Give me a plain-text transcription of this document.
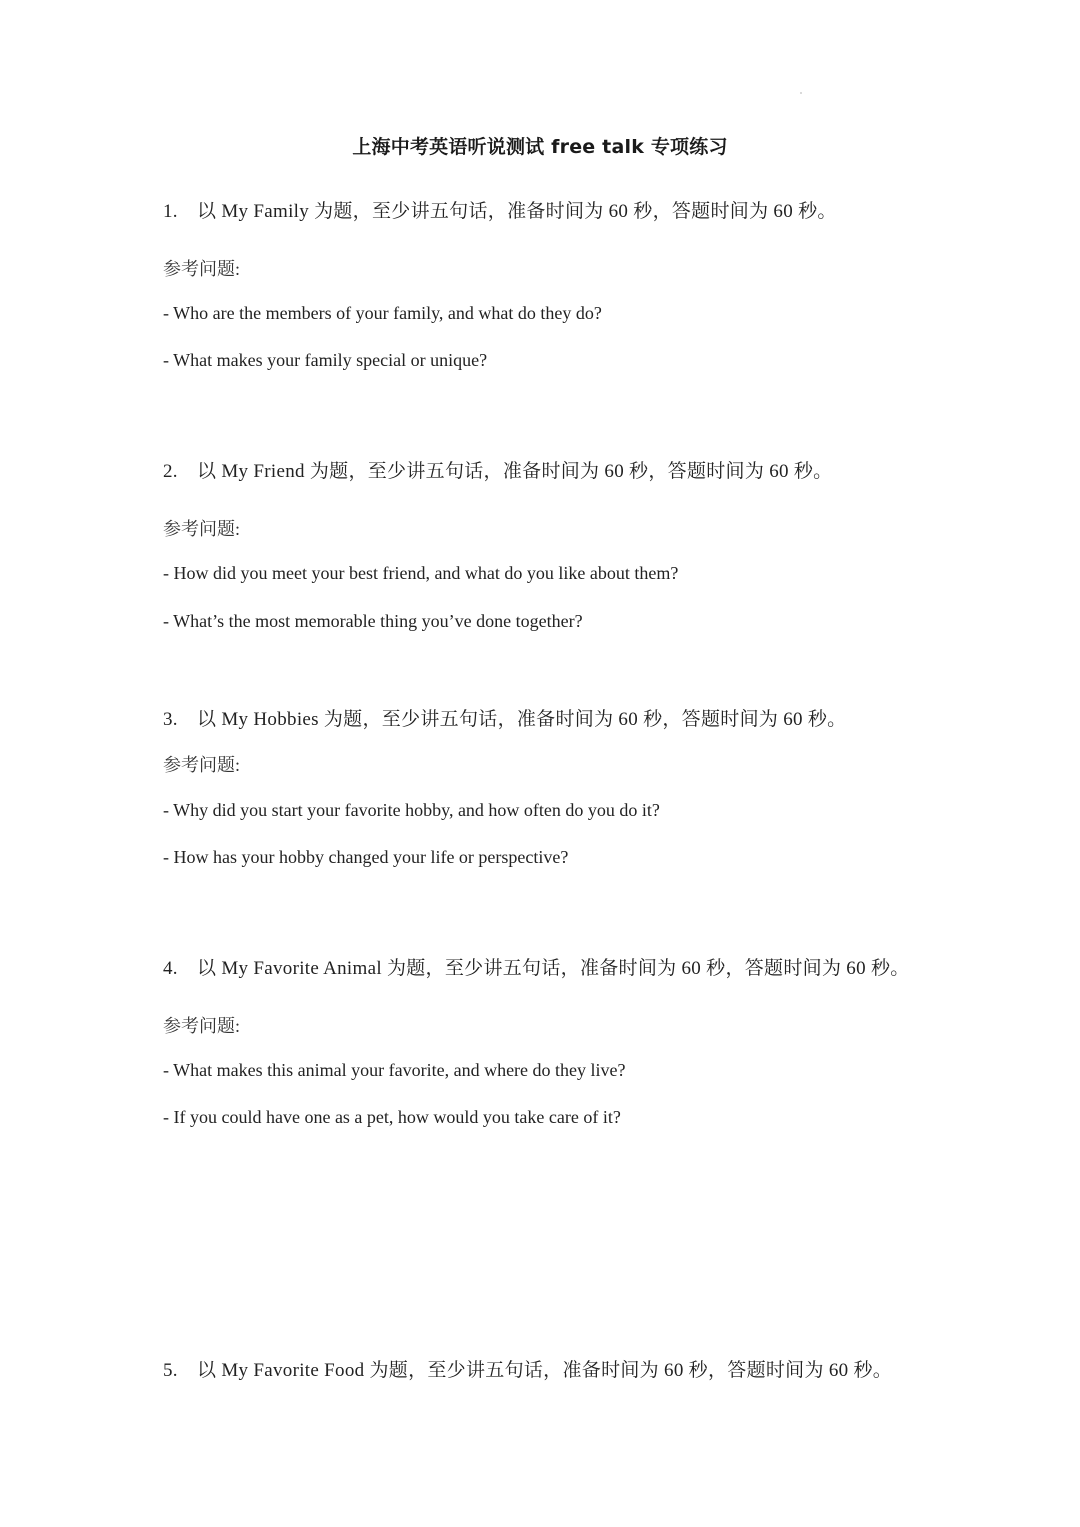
上海中考英语听说测试 free talk 专项练习
1. 以 My Family 为题，至少讲五句话，准备时间为 60 秒，答题时间为 60 秒。
参考问题:
- Who are the members of your family, and what do they do?
- What makes your family special or unique?
2. 以 My Friend 为题，至少讲五句话，准备时间为 60 秒，答题时间为 60 秒。
参考问题:
- How did you meet your best friend, and what do you like about them?
- What’s the most memorable thing you’ve done together?
3. 以 My Hobbies 为题，至少讲五句话，准备时间为 60 秒，答题时间为 60 秒。
参考问题:
- Why did you start your favorite hobby, and how often do you do it?
- How has your hobby changed your life or perspective?
4. 以 My Favorite Animal 为题，至少讲五句话，准备时间为 60 秒，答题时间为 60 秒。
参考问题:
- What makes this animal your favorite, and where do they live?
- If you could have one as a pet, how would you take care of it?
5. 以 My Favorite Food 为题，至少讲五句话，准备时间为 60 秒，答题时间为 60 秒。
